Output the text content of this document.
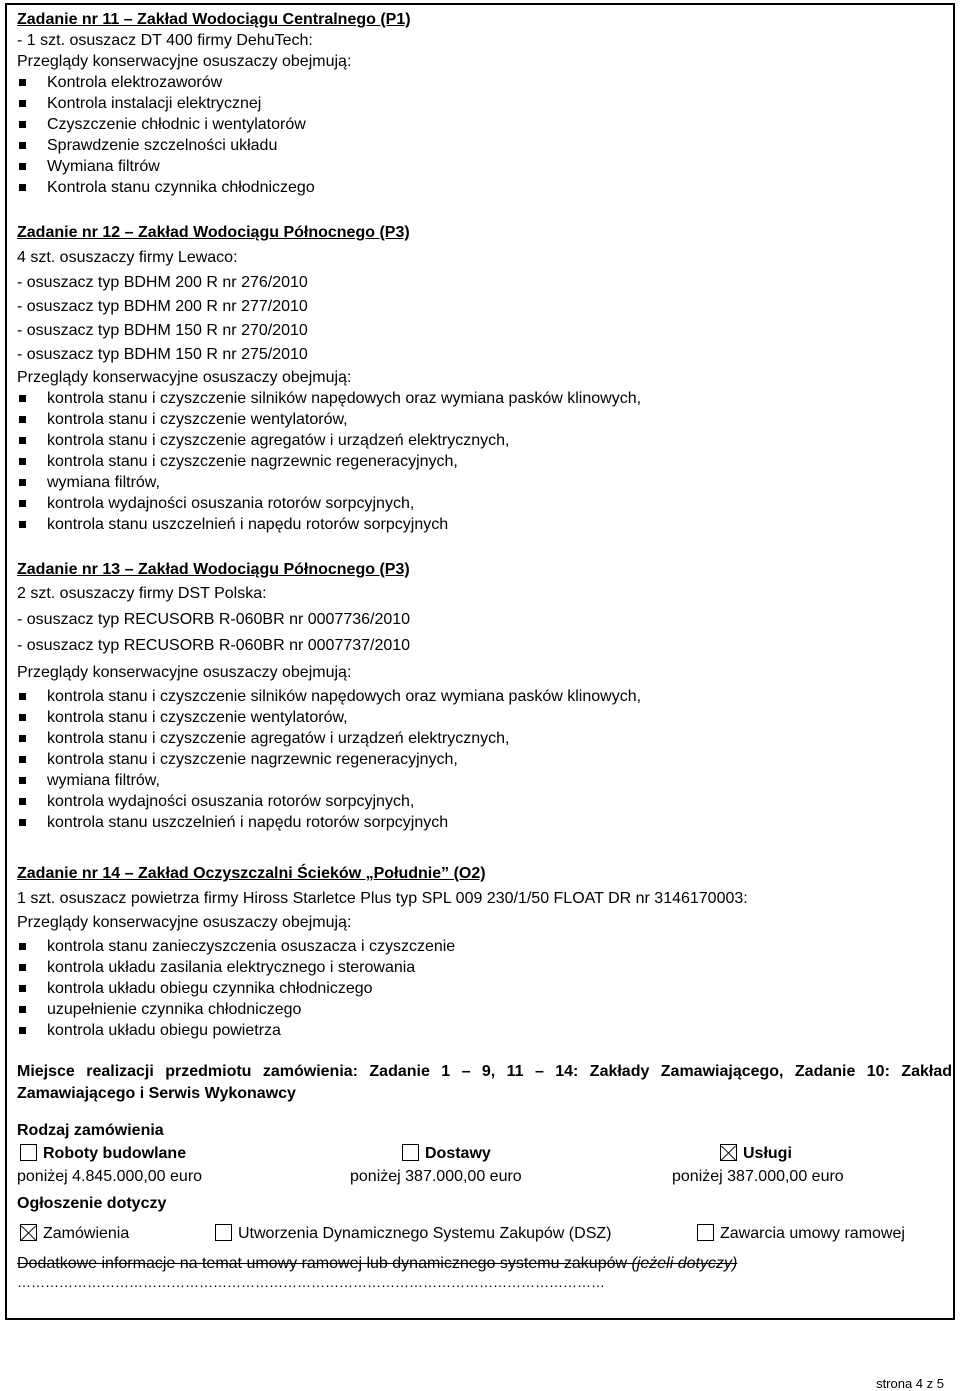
Zadanie nr 11 – Zakład Wodociągu Centralnego (P1)

- 1 szt. osuszacz DT 400 firmy DehuTech:

Przeglądy konserwacyjne osuszaczy obejmują:

Kontrola elektrozaworów
Kontrola instalacji elektrycznej
Czyszczenie chłodnic i wentylatorów
Sprawdzenie szczelności układu
Wymiana filtrów
Kontrola stanu czynnika chłodniczego

Zadanie nr 12 – Zakład Wodociągu Północnego (P3)

4 szt. osuszaczy firmy Lewaco:

- osuszacz typ BDHM 200 R nr 276/2010

- osuszacz typ BDHM 200 R nr 277/2010

- osuszacz typ BDHM 150 R nr 270/2010

- osuszacz typ BDHM 150 R nr 275/2010

Przeglądy konserwacyjne osuszaczy obejmują:

kontrola stanu i czyszczenie silników napędowych oraz wymiana pasków klinowych,
kontrola stanu i czyszczenie wentylatorów,
kontrola stanu i czyszczenie agregatów i urządzeń elektrycznych,
kontrola stanu i czyszczenie nagrzewnic regeneracyjnych,
wymiana filtrów,
kontrola wydajności osuszania rotorów sorpcyjnych,
kontrola stanu uszczelnień i napędu rotorów sorpcyjnych

Zadanie nr 13 – Zakład Wodociągu Północnego (P3)

2 szt. osuszaczy firmy DST Polska:

- osuszacz typ RECUSORB R-060BR nr 0007736/2010

- osuszacz typ RECUSORB R-060BR nr 0007737/2010

Przeglądy konserwacyjne osuszaczy obejmują:

kontrola stanu i czyszczenie silników napędowych oraz wymiana pasków klinowych,
kontrola stanu i czyszczenie wentylatorów,
kontrola stanu i czyszczenie agregatów i urządzeń elektrycznych,
kontrola stanu i czyszczenie nagrzewnic regeneracyjnych,
wymiana filtrów,
kontrola wydajności osuszania rotorów sorpcyjnych,
kontrola stanu uszczelnień i napędu rotorów sorpcyjnych

Zadanie nr 14 – Zakład Oczyszczalni Ścieków „Południe” (O2)

1 szt. osuszacz powietrza firmy Hiross Starletce Plus typ SPL 009 230/1/50 FLOAT DR nr 3146170003:

Przeglądy konserwacyjne osuszaczy obejmują:

kontrola stanu zanieczyszczenia osuszacza i czyszczenie
kontrola układu zasilania elektrycznego i sterowania
kontrola układu obiegu czynnika chłodniczego
uzupełnienie czynnika chłodniczego
kontrola układu obiegu powietrza

Miejsce realizacji przedmiotu zamówienia: Zadanie 1 – 9, 11 – 14: Zakłady Zamawiającego, Zadanie 10: Zakład Zamawiającego i Serwis Wykonawcy

Rodzaj zamówienia

Roboty budowlane	Dostawy	Usługi
poniżej 4.845.000,00 euro	poniżej 387.000,00 euro	poniżej 387.000,00 euro

Ogłoszenie dotyczy

Zamówienia	Utworzenia Dynamicznego Systemu Zakupów (DSZ)	Zawarcia umowy ramowej

Dodatkowe informacje na temat umowy ramowej lub dynamicznego systemu zakupów (jeżeli dotyczy)

………………………………………………………………………………………………………………
strona 4 z 5
